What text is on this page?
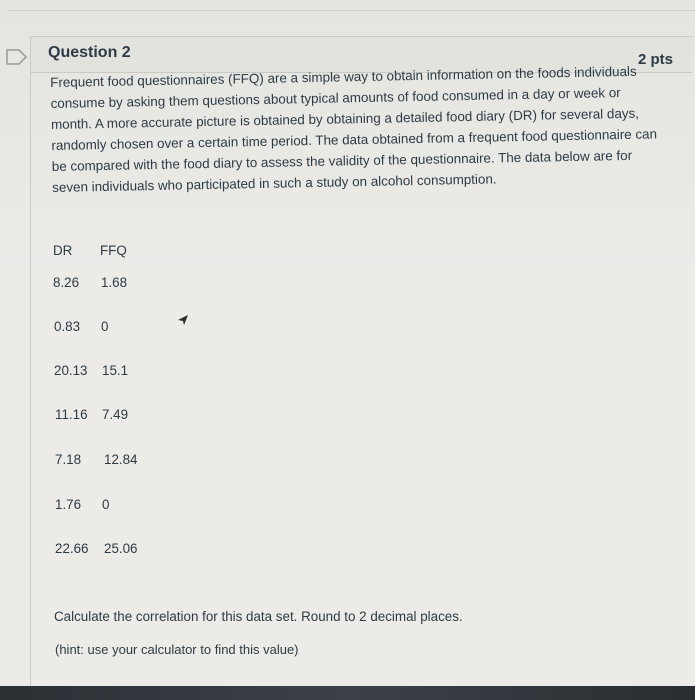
2 pts
Question 2
Frequent food questionnaires (FFQ) are a simple way to obtain information on the foods individuals
consume by asking them questions about typical amounts of food consumed in a day or week or
month. A more accurate picture is obtained by obtaining a detailed food diary (DR) for several days,
randomly chosen over a certain time period. The data obtained from a frequent food questionnaire can
be compared with the food diary to assess the validity of the questionnaire. The data below are for
seven individuals who participated in such a study on alcohol consumption.
DR FFQ
8.26 1.68
0.83 0
20.13 15.1
11.16 7.49
7.18 12.84
1.76 0
22.66 25.06
Calculate the correlation for this data set. Round to 2 decimal places.
(hint: use your calculator to find this value)
